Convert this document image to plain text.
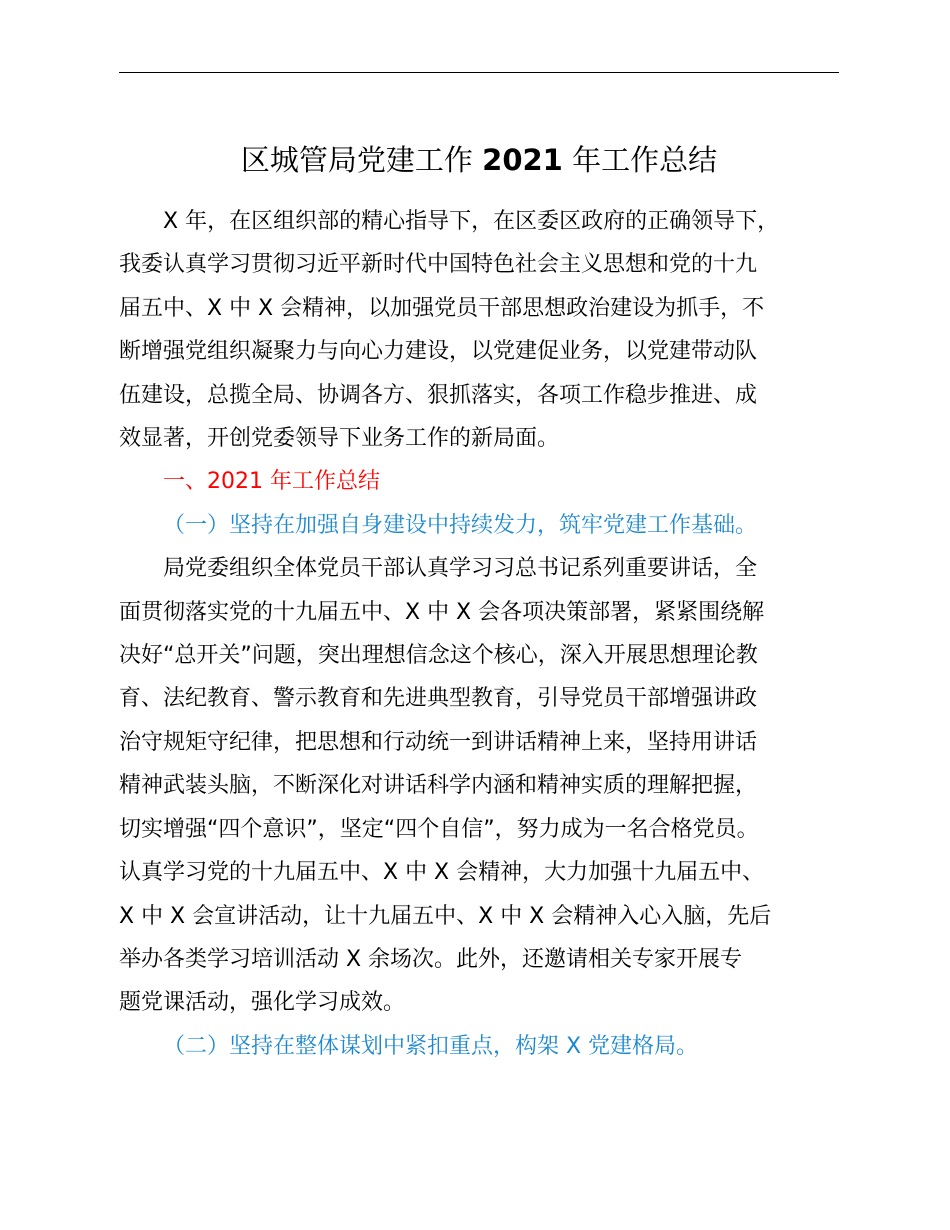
区城管局党建工作 2021 年工作总结
X 年，在区组织部的精心指导下，在区委区政府的正确领导下，
我委认真学习贯彻习近平新时代中国特色社会主义思想和党的十九
届五中、X 中 X 会精神，以加强党员干部思想政治建设为抓手，不
断增强党组织凝聚力与向心力建设，以党建促业务，以党建带动队
伍建设，总揽全局、协调各方、狠抓落实，各项工作稳步推进、成
效显著，开创党委领导下业务工作的新局面。
一、2021 年工作总结
（一）坚持在加强自身建设中持续发力，筑牢党建工作基础。
局党委组织全体党员干部认真学习习总书记系列重要讲话，全
面贯彻落实党的十九届五中、X 中 X 会各项决策部署，紧紧围绕解
决好“总开关”问题，突出理想信念这个核心，深入开展思想理论教
育、法纪教育、警示教育和先进典型教育，引导党员干部增强讲政
治守规矩守纪律，把思想和行动统一到讲话精神上来，坚持用讲话
精神武装头脑，不断深化对讲话科学内涵和精神实质的理解把握，
切实增强“四个意识”，坚定“四个自信”，努力成为一名合格党员。
认真学习党的十九届五中、X 中 X 会精神，大力加强十九届五中、
X 中 X 会宣讲活动，让十九届五中、X 中 X 会精神入心入脑，先后
举办各类学习培训活动 X 余场次。此外，还邀请相关专家开展专
题党课活动，强化学习成效。
（二）坚持在整体谋划中紧扣重点，构架 X 党建格局。
